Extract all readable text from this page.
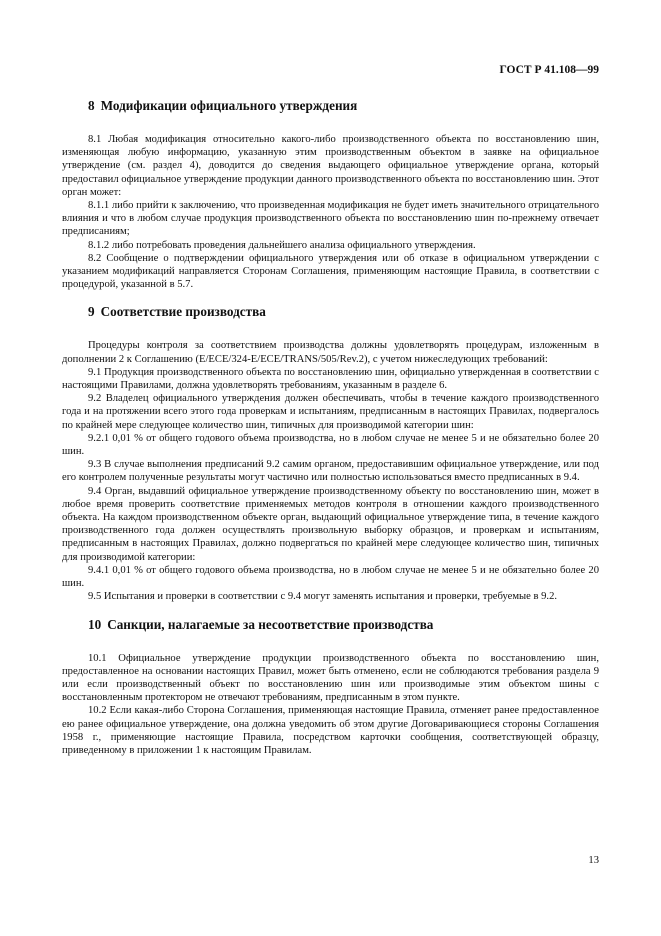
ГОСТ Р 41.108—99
8 Модификации официального утверждения

8.1 Любая модификация относительно какого-либо производственного объекта по восстановлению шин, изменяющая любую информацию, указанную этим производственным объектом в заявке на официальное утверждение (см. раздел 4), доводится до сведения выдающего официальное утверждение органа, который предоставил официальное утверждение продукции данного производственного объекта по восстановлению шин. Этот орган может:

8.1.1 либо прийти к заключению, что произведенная модификация не будет иметь значительного отрицательного влияния и что в любом случае продукция производственного объекта по восстановлению шин по-прежнему отвечает предписаниям;

8.1.2 либо потребовать проведения дальнейшего анализа официального утверждения.

8.2 Сообщение о подтверждении официального утверждения или об отказе в официальном утверждении с указанием модификаций направляется Сторонам Соглашения, применяющим настоящие Правила, в соответствии с процедурой, указанной в 5.7.

9 Соответствие производства

Процедуры контроля за соответствием производства должны удовлетворять процедурам, изложенным в дополнении 2 к Соглашению (E/ECE/324-E/ECE/TRANS/505/Rev.2), с учетом нижеследующих требований:

9.1 Продукция производственного объекта по восстановлению шин, официально утвержденная в соответствии с настоящими Правилами, должна удовлетворять требованиям, указанным в разделе 6.

9.2 Владелец официального утверждения должен обеспечивать, чтобы в течение каждого производственного года и на протяжении всего этого года проверкам и испытаниям, предписанным в настоящих Правилах, подвергалось по крайней мере следующее количество шин, типичных для производимой категории шин:

9.2.1 0,01 % от общего годового объема производства, но в любом случае не менее 5 и не обязательно более 20 шин.

9.3 В случае выполнения предписаний 9.2 самим органом, предоставившим официальное утверждение, или под его контролем полученные результаты могут частично или полностью использоваться вместо предписанных в 9.4.

9.4 Орган, выдавший официальное утверждение производственному объекту по восстановлению шин, может в любое время проверить соответствие применяемых методов контроля в отношении каждого производственного объекта. На каждом производственном объекте орган, выдающий официальное утверждение типа, в течение каждого производственного года должен осуществлять произвольную выборку образцов, и проверкам и испытаниям, предписанным в настоящих Правилах, должно подвергаться по крайней мере следующее количество шин, типичных для производимой категории:

9.4.1 0,01 % от общего годового объема производства, но в любом случае не менее 5 и не обязательно более 20 шин.

9.5 Испытания и проверки в соответствии с 9.4 могут заменять испытания и проверки, требуемые в 9.2.

10 Санкции, налагаемые за несоответствие производства

10.1 Официальное утверждение продукции производственного объекта по восстановлению шин, предоставленное на основании настоящих Правил, может быть отменено, если не соблюдаются требования раздела 9 или если производственный объект по восстановлению шин или производимые этим объектом шины с восстановленным протектором не отвечают требованиям, предписанным в этом пункте.

10.2 Если какая-либо Сторона Соглашения, применяющая настоящие Правила, отменяет ранее предоставленное ею ранее официальное утверждение, она должна уведомить об этом другие Договаривающиеся стороны Соглашения 1958 г., применяющие настоящие Правила, посредством карточки сообщения, соответствующей образцу, приведенному в приложении 1 к настоящим Правилам.

13
